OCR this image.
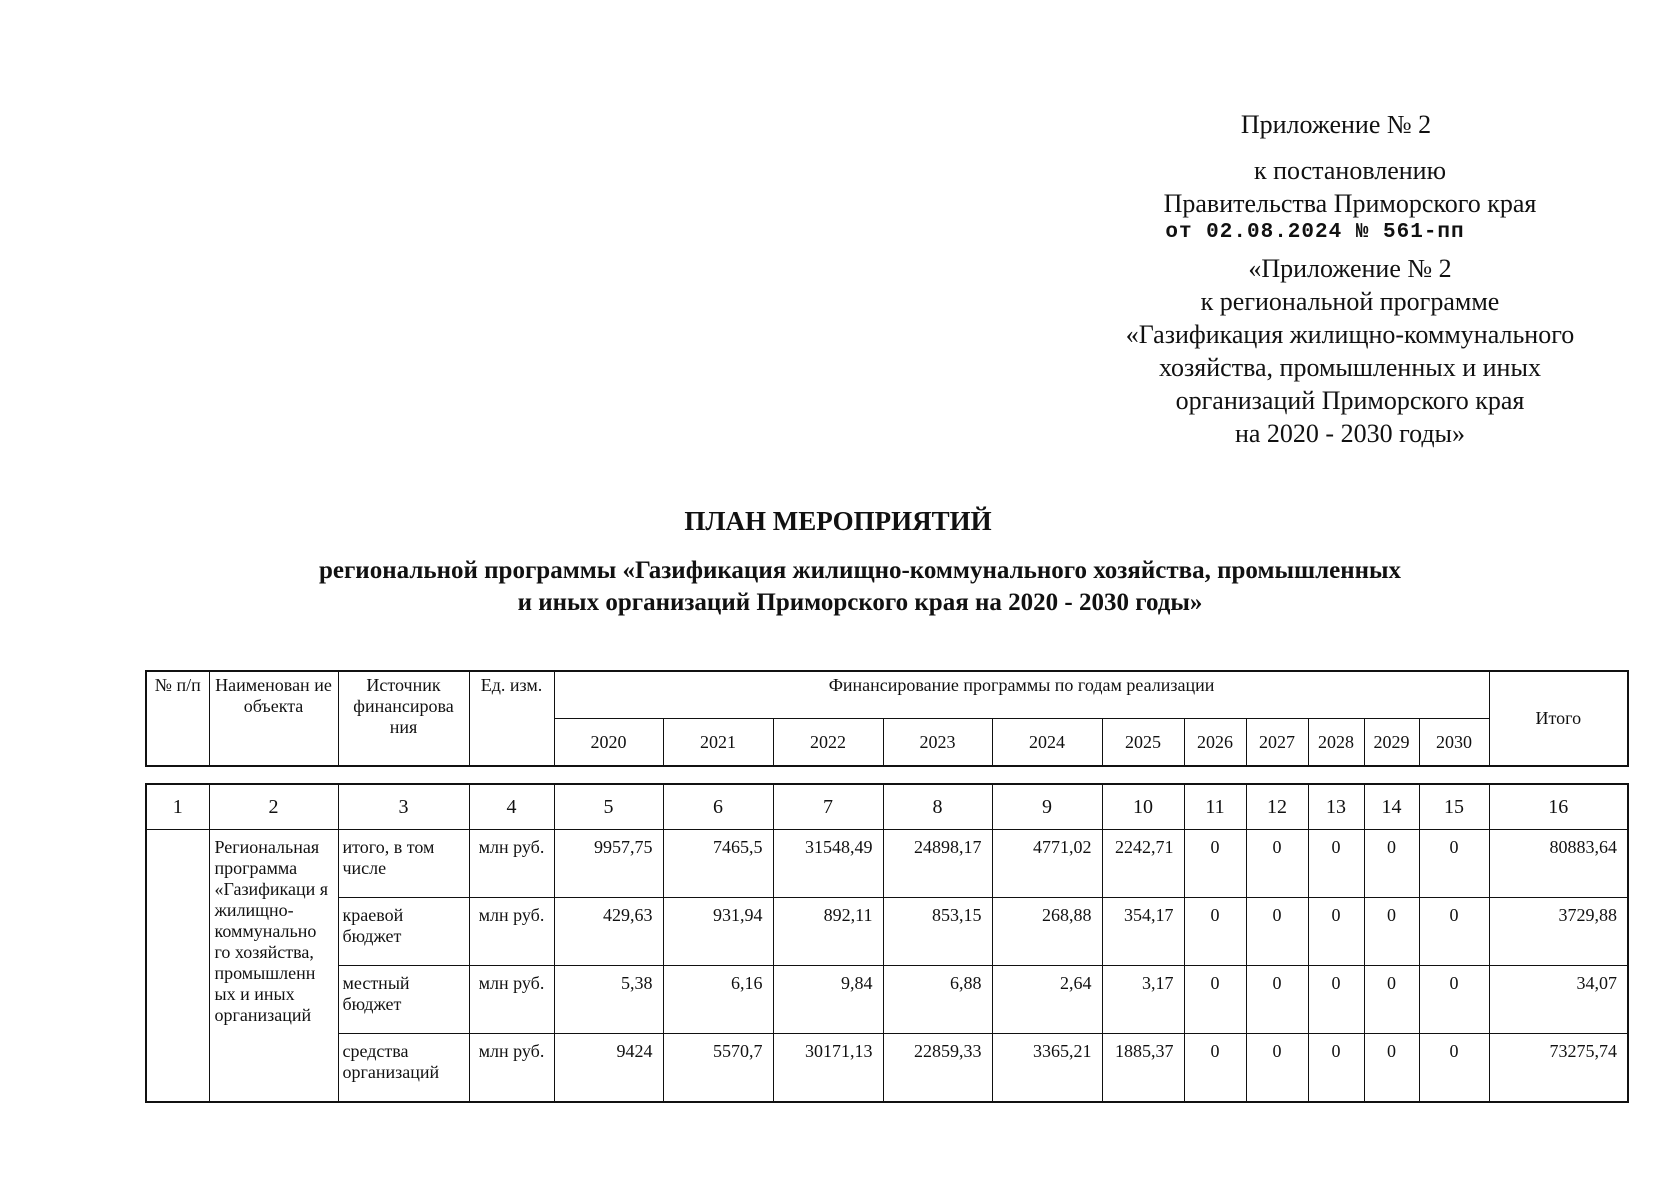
Приложение № 2
к постановлению
Правительства Приморского края
от 02.08.2024 № 561-пп
«Приложение № 2
к региональной программе
«Газификация жилищно-коммунального
хозяйства, промышленных и иных
организаций Приморского края
на 2020 - 2030 годы»
ПЛАН МЕРОПРИЯТИЙ
региональной программы «Газификация жилищно-коммунального хозяйства, промышленных
и иных организаций Приморского края на 2020 - 2030 годы»
№ п/п	Наименован ие объекта	Источник финансирова ния	Ед. изм.	Финансирование программы по годам реализации											Итого
				2020	2021	2022	2023	2024	2025	2026	2027	2028	2029	2030	
1	2	3	4	5	6	7	8	9	10	11	12	13	14	15	16
	Региональная программа «Газификаци я жилищно-коммунально го хозяйства, промышленн ых и иных организаций	итого, в том числе	млн руб.	9957,75	7465,5	31548,49	24898,17	4771,02	2242,71	0	0	0	0	0	80883,64
		краевой бюджет	млн руб.	429,63	931,94	892,11	853,15	268,88	354,17	0	0	0	0	0	3729,88
		местный бюджет	млн руб.	5,38	6,16	9,84	6,88	2,64	3,17	0	0	0	0	0	34,07
		средства организаций	млн руб.	9424	5570,7	30171,13	22859,33	3365,21	1885,37	0	0	0	0	0	73275,74
